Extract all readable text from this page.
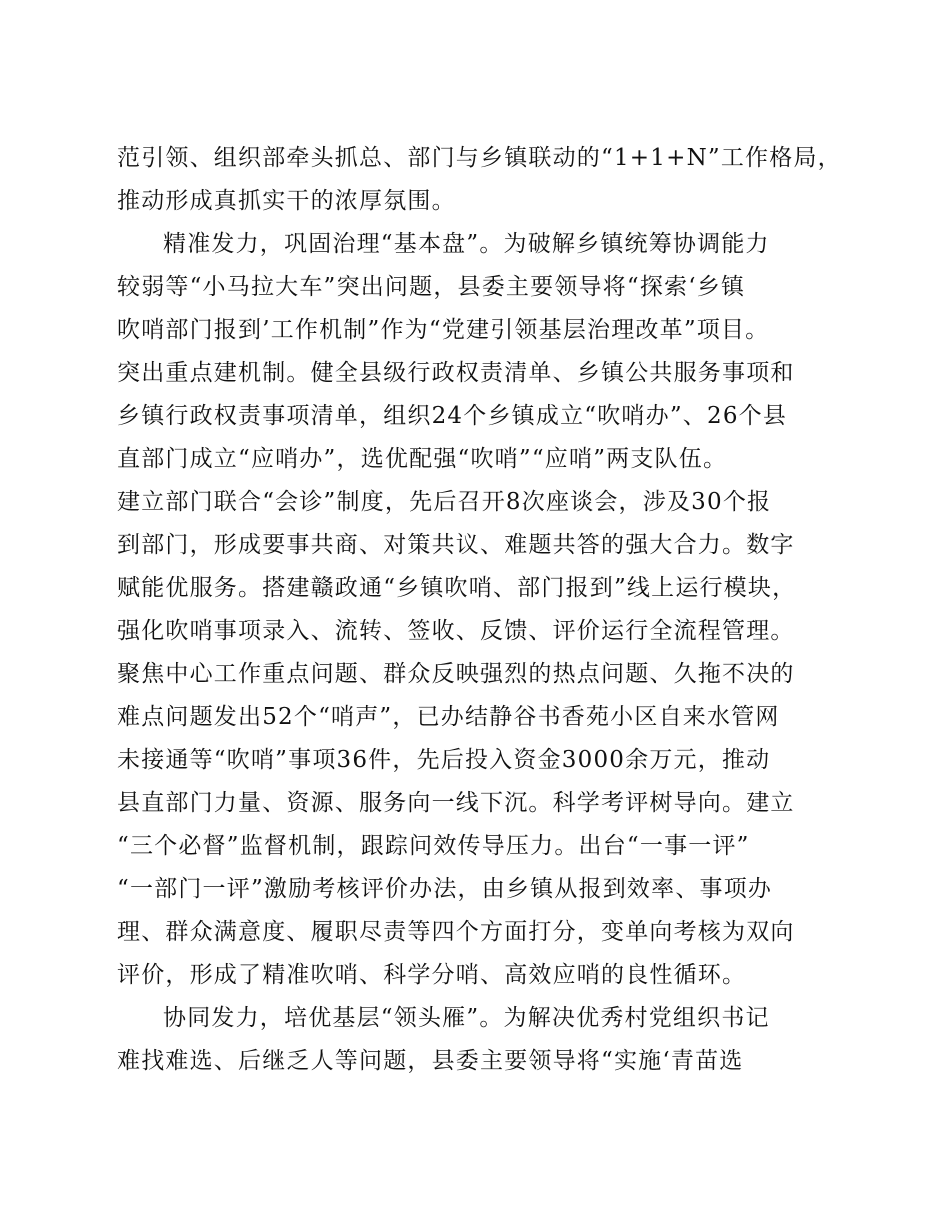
范引领、组织部牵头抓总、部门与乡镇联动的“1+1+N”工作格局，
推动形成真抓实干的浓厚氛围。
精准发力，巩固治理“基本盘”。为破解乡镇统筹协调能力
较弱等“小马拉大车”突出问题，县委主要领导将“探索‘乡镇
吹哨部门报到’工作机制”作为“党建引领基层治理改革”项目。
突出重点建机制。健全县级行政权责清单、乡镇公共服务事项和
乡镇行政权责事项清单，组织24个乡镇成立“吹哨办”、26个县
直部门成立“应哨办”，选优配强“吹哨”“应哨”两支队伍。
建立部门联合“会诊”制度，先后召开8次座谈会，涉及30个报
到部门，形成要事共商、对策共议、难题共答的强大合力。数字
赋能优服务。搭建赣政通“乡镇吹哨、部门报到”线上运行模块，
强化吹哨事项录入、流转、签收、反馈、评价运行全流程管理。
聚焦中心工作重点问题、群众反映强烈的热点问题、久拖不决的
难点问题发出52个“哨声”，已办结静谷书香苑小区自来水管网
未接通等“吹哨”事项36件，先后投入资金3000余万元，推动
县直部门力量、资源、服务向一线下沉。科学考评树导向。建立
“三个必督”监督机制，跟踪问效传导压力。出台“一事一评”
“一部门一评”激励考核评价办法，由乡镇从报到效率、事项办
理、群众满意度、履职尽责等四个方面打分，变单向考核为双向
评价，形成了精准吹哨、科学分哨、高效应哨的良性循环。
协同发力，培优基层“领头雁”。为解决优秀村党组织书记
难找难选、后继乏人等问题，县委主要领导将“实施‘青苗选
